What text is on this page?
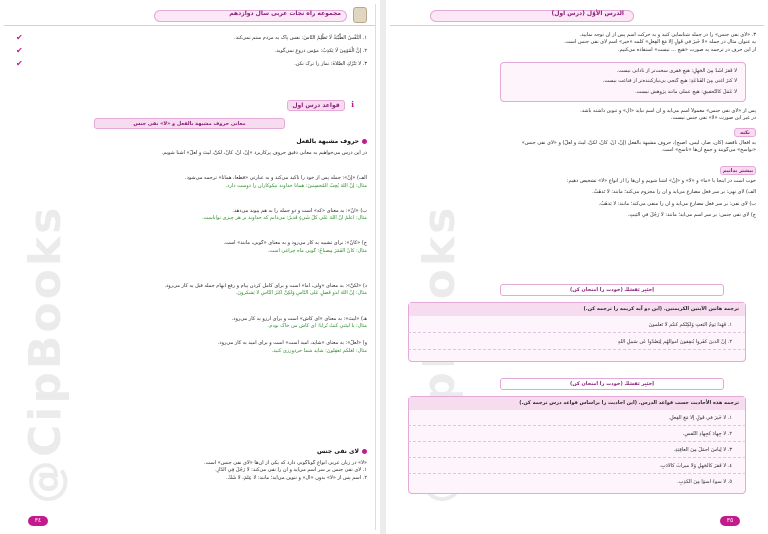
@CipBooks
مجموعه راه نجات عربی سال دوازدهم

١. اَلنَّفْسُ الطَّيِّبَةُ لَا تَظْلِمُ النّاسَ: نفس پاک به مردم ستم نمی‌کند.

٢. إنَّ الْمُؤمِنَ لَا يَكذِبُ: مؤمن دروغ نمی‌گوید.

٣. لا تَتْرُكِ الصَّلاةَ: نماز را ترک نکن.

✔
✔
✔
قواعد درس اول	ℹ
معانی حروف مشبهة بالفعل و «لا» نفی جنس
حروف مشبهة بالفعل

در این درس می‌خواهیم به معانی دقیق حروف پرکاربرد «إنَّ، أنَّ، کأنَّ، لکنَّ، لیتَ و لعلَّ» آشنا شویم.

الف) «إنَّ»: جمله پس از خود را تأکید می‌کند و به عبارتی «قطعاً، همانا» ترجمه می‌شود.

مثال: إنَّ اللهَ يُحِبُّ الْمُحسِنينَ: همانا خداوند نیکوکاران را دوست دارد.

ب) «أنَّ»: به معنای «که» است و دو جمله را به هم پیوند می‌دهد.

مثال: أعلَمُ أنَّ اللهَ عَلى كُلِّ شَيءٍ قَديرٌ: می‌دانم که خداوند بر هر چیزی تواناست.

ج) «کأنَّ»: برای تشبیه به کار می‌رود و به معنای «گویی، مانند» است.

مثال: كأنَّ الْقَمَرَ مِصباحٌ: گویی ماه چراغی است.

د) «لکنَّ»: به معنای «ولی، اما» است و برای کامل کردن پیام و رفع ابهام جمله قبل به کار می‌رود.

مثال: إنَّ اللهَ لَذو فَضلٍ عَلى النّاسِ وَلكِنَّ أكثَرَ النّاسِ لا يَشكُرونَ.

هـ) «لیتَ»: به معنای «ای کاش» است و برای آرزو به کار می‌رود.

مثال: يا لَيتَني كُنتُ تُراباً: ای کاش من خاک بودم.

و) «لعلَّ»: به معنای «شاید، امید است» است و برای امید به کار می‌رود.

مثال: لَعَلَّكُم تَعقِلونَ: شاید شما خردورزی کنید.

لای نفی جنس

«لا» در زبان عربی انواع گوناگونی دارد که یکی از آن‌ها «لای نفی جنس» است.

١. لای نفی جنس بر سر اسم می‌آید و آن را نفی می‌کند: لا رَجُلَ فِي الدّارِ.

٢. اسم پس از «لا» بدون «ال» و تنوین می‌آید؛ مانند: لا عِلمَ، لا شَكَّ.

٣٤
الدرس الأوّل (درس اول)

٣. «لای نفی جنس» را در جمله شناسایی کنید و به حرکت اسم پس از آن توجه نمایید.

به عنوان مثال در جمله «لا خَيرَ في قَولٍ إلّا مَعَ الفِعلِ» کلمه «خیر» اسم لای نفی جنس است.

از این حرف در ترجمه به صورت «هیچ ... نیست» استفاده می‌کنیم.

لا فَقرَ أشَدُّ مِنَ الجَهلِ: هیچ فقری سخت‌تر از نادانی نیست.

لا كَنزَ أغنى مِنَ القَناعَةِ: هیچ گنجی بی‌نیازکننده‌تر از قناعت نیست.

لا عَمَلَ كالتَّحقيقِ: هیچ عملی مانند پژوهش نیست.

پس از «لای نفی جنس» معمولاً اسم می‌آید و آن اسم نباید «ال» و تنوین داشته باشد.

در غیر این صورت «لا» نفی جنس نیست.

نکته

به افعال ناقصه (کان، صار، لیس، أصبح)، حروف مشبهة بالفعل (إنَّ، أنَّ، کأنَّ، لکنَّ، لیتَ و لعلَّ) و «لای نفی جنس»

«نواسخ» می‌گویند و جمع آن‌ها «ناسخ» است.

بیشتر بدانیم

خوب است در اینجا با «ما» و «لا» و «إنْ» آشنا شویم و آن‌ها را از انواع «لا» تشخیص دهیم:

الف) لای نهی: بر سر فعل مضارع می‌آید و آن را مجزوم می‌کند؛ مانند: لا تَذهَبْ.

ب) لای نفی: بر سر فعل مضارع می‌آید و آن را منفی می‌کند؛ مانند: لا يَذهَبُ.

ج) لای نفی جنس: بر سر اسم می‌آید؛ مانند: لا رَجُلَ في البَيتِ.

اِختَبِر نَفسَكَ (خودت را امتحان کن)
ترجمه هاتين الآيتين الكريمتين. (این دو آیه کریمه را ترجمه کن.)
١. فَهَذا يَومُ البَعثِ وَلكِنَّكُم كُنتُم لا تَعلَمونَ
٢. إنَّ الَّذينَ كَفَروا يُنفِقونَ أموالَهُم لِيَصُدّوا عَن سَبيلِ اللهِ
اِختَبِر نَفسَكَ (خودت را امتحان کن)
ترجمه هذه الأحاديث حسب قواعد الدرس. (این احادیث را براساس قواعد درس ترجمه کن.)
١. لا خَيرَ في قَولٍ إلّا مَعَ الفِعلِ.
٢. لا جِهادَ كَجِهادِ النَّفسِ.
٣. لا لِباسَ أجمَلُ مِنَ العافِيَةِ.
٤. لا فَقرَ كَالجَهلِ وَلا ميراثَ كَالأدَبِ.
٥. لا سوءَ أسوَأُ مِنَ الكَذِبِ.
٣٥
